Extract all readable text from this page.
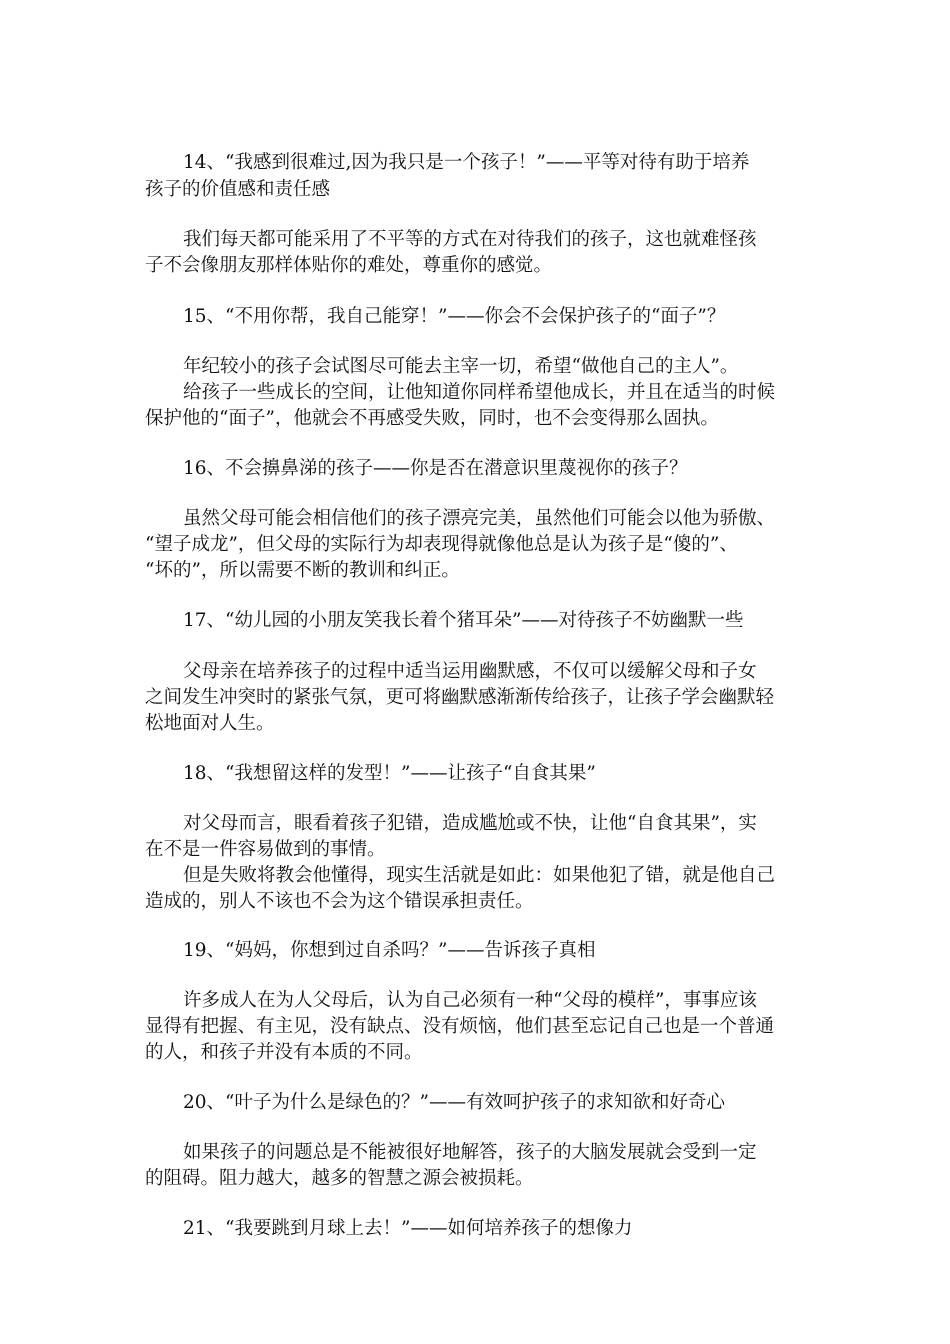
14、“我感到很难过,因为我只是一个孩子！”——平等对待有助于培养
孩子的价值感和责任感
我们每天都可能采用了不平等的方式在对待我们的孩子，这也就难怪孩
子不会像朋友那样体贴你的难处，尊重你的感觉。
15、“不用你帮，我自己能穿！”——你会不会保护孩子的“面子”？
年纪较小的孩子会试图尽可能去主宰一切，希望“做他自己的主人”。
给孩子一些成长的空间，让他知道你同样希望他成长，并且在适当的时候
保护他的“面子”，他就会不再感受失败，同时，也不会变得那么固执。
16、不会擤鼻涕的孩子——你是否在潜意识里蔑视你的孩子？
虽然父母可能会相信他们的孩子漂亮完美，虽然他们可能会以他为骄傲、
“望子成龙”，但父母的实际行为却表现得就像他总是认为孩子是“傻的”、
“坏的”，所以需要不断的教训和纠正。
17、“幼儿园的小朋友笑我长着个猪耳朵”——对待孩子不妨幽默一些
父母亲在培养孩子的过程中适当运用幽默感，不仅可以缓解父母和子女
之间发生冲突时的紧张气氛，更可将幽默感渐渐传给孩子，让孩子学会幽默轻
松地面对人生。
18、“我想留这样的发型！”——让孩子“自食其果”
对父母而言，眼看着孩子犯错，造成尴尬或不快，让他“自食其果”，实
在不是一件容易做到的事情。
但是失败将教会他懂得，现实生活就是如此：如果他犯了错，就是他自己
造成的，别人不该也不会为这个错误承担责任。
19、“妈妈，你想到过自杀吗？”——告诉孩子真相
许多成人在为人父母后，认为自己必须有一种“父母的模样”，事事应该
显得有把握、有主见，没有缺点、没有烦恼，他们甚至忘记自己也是一个普通
的人，和孩子并没有本质的不同。
20、“叶子为什么是绿色的？”——有效呵护孩子的求知欲和好奇心
如果孩子的问题总是不能被很好地解答，孩子的大脑发展就会受到一定
的阻碍。阻力越大，越多的智慧之源会被损耗。
21、“我要跳到月球上去！”——如何培养孩子的想像力
